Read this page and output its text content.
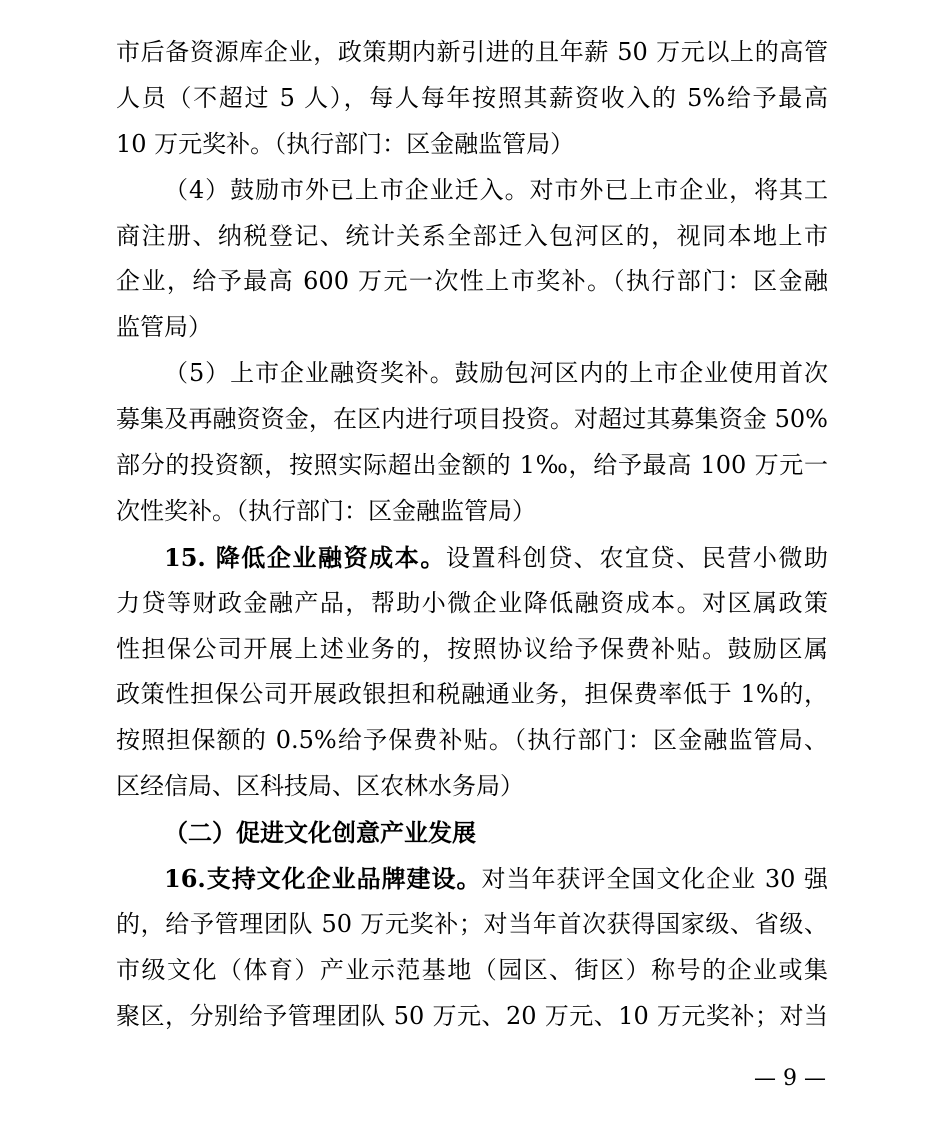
市后备资源库企业，政策期内新引进的且年薪 50 万元以上的高管
人员（不超过 5 人），每人每年按照其薪资收入的 5%给予最高
10 万元奖补。（执行部门：区金融监管局）
（4）鼓励市外已上市企业迁入。对市外已上市企业，将其工
商注册、纳税登记、统计关系全部迁入包河区的，视同本地上市
企业，给予最高 600 万元一次性上市奖补。（执行部门：区金融
监管局）
（5）上市企业融资奖补。鼓励包河区内的上市企业使用首次
募集及再融资资金，在区内进行项目投资。对超过其募集资金 50%
部分的投资额，按照实际超出金额的 1‰，给予最高 100 万元一
次性奖补。（执行部门：区金融监管局）
15. 降低企业融资成本。设置科创贷、农宜贷、民营小微助
力贷等财政金融产品，帮助小微企业降低融资成本。对区属政策
性担保公司开展上述业务的，按照协议给予保费补贴。鼓励区属
政策性担保公司开展政银担和税融通业务，担保费率低于 1%的，
按照担保额的 0.5%给予保费补贴。（执行部门：区金融监管局、
区经信局、区科技局、区农林水务局）
（二）促进文化创意产业发展
16.支持文化企业品牌建设。对当年获评全国文化企业 30 强
的，给予管理团队 50 万元奖补；对当年首次获得国家级、省级、
市级文化（体育）产业示范基地（园区、街区）称号的企业或集
聚区，分别给予管理团队 50 万元、20 万元、10 万元奖补；对当
— 9 —
